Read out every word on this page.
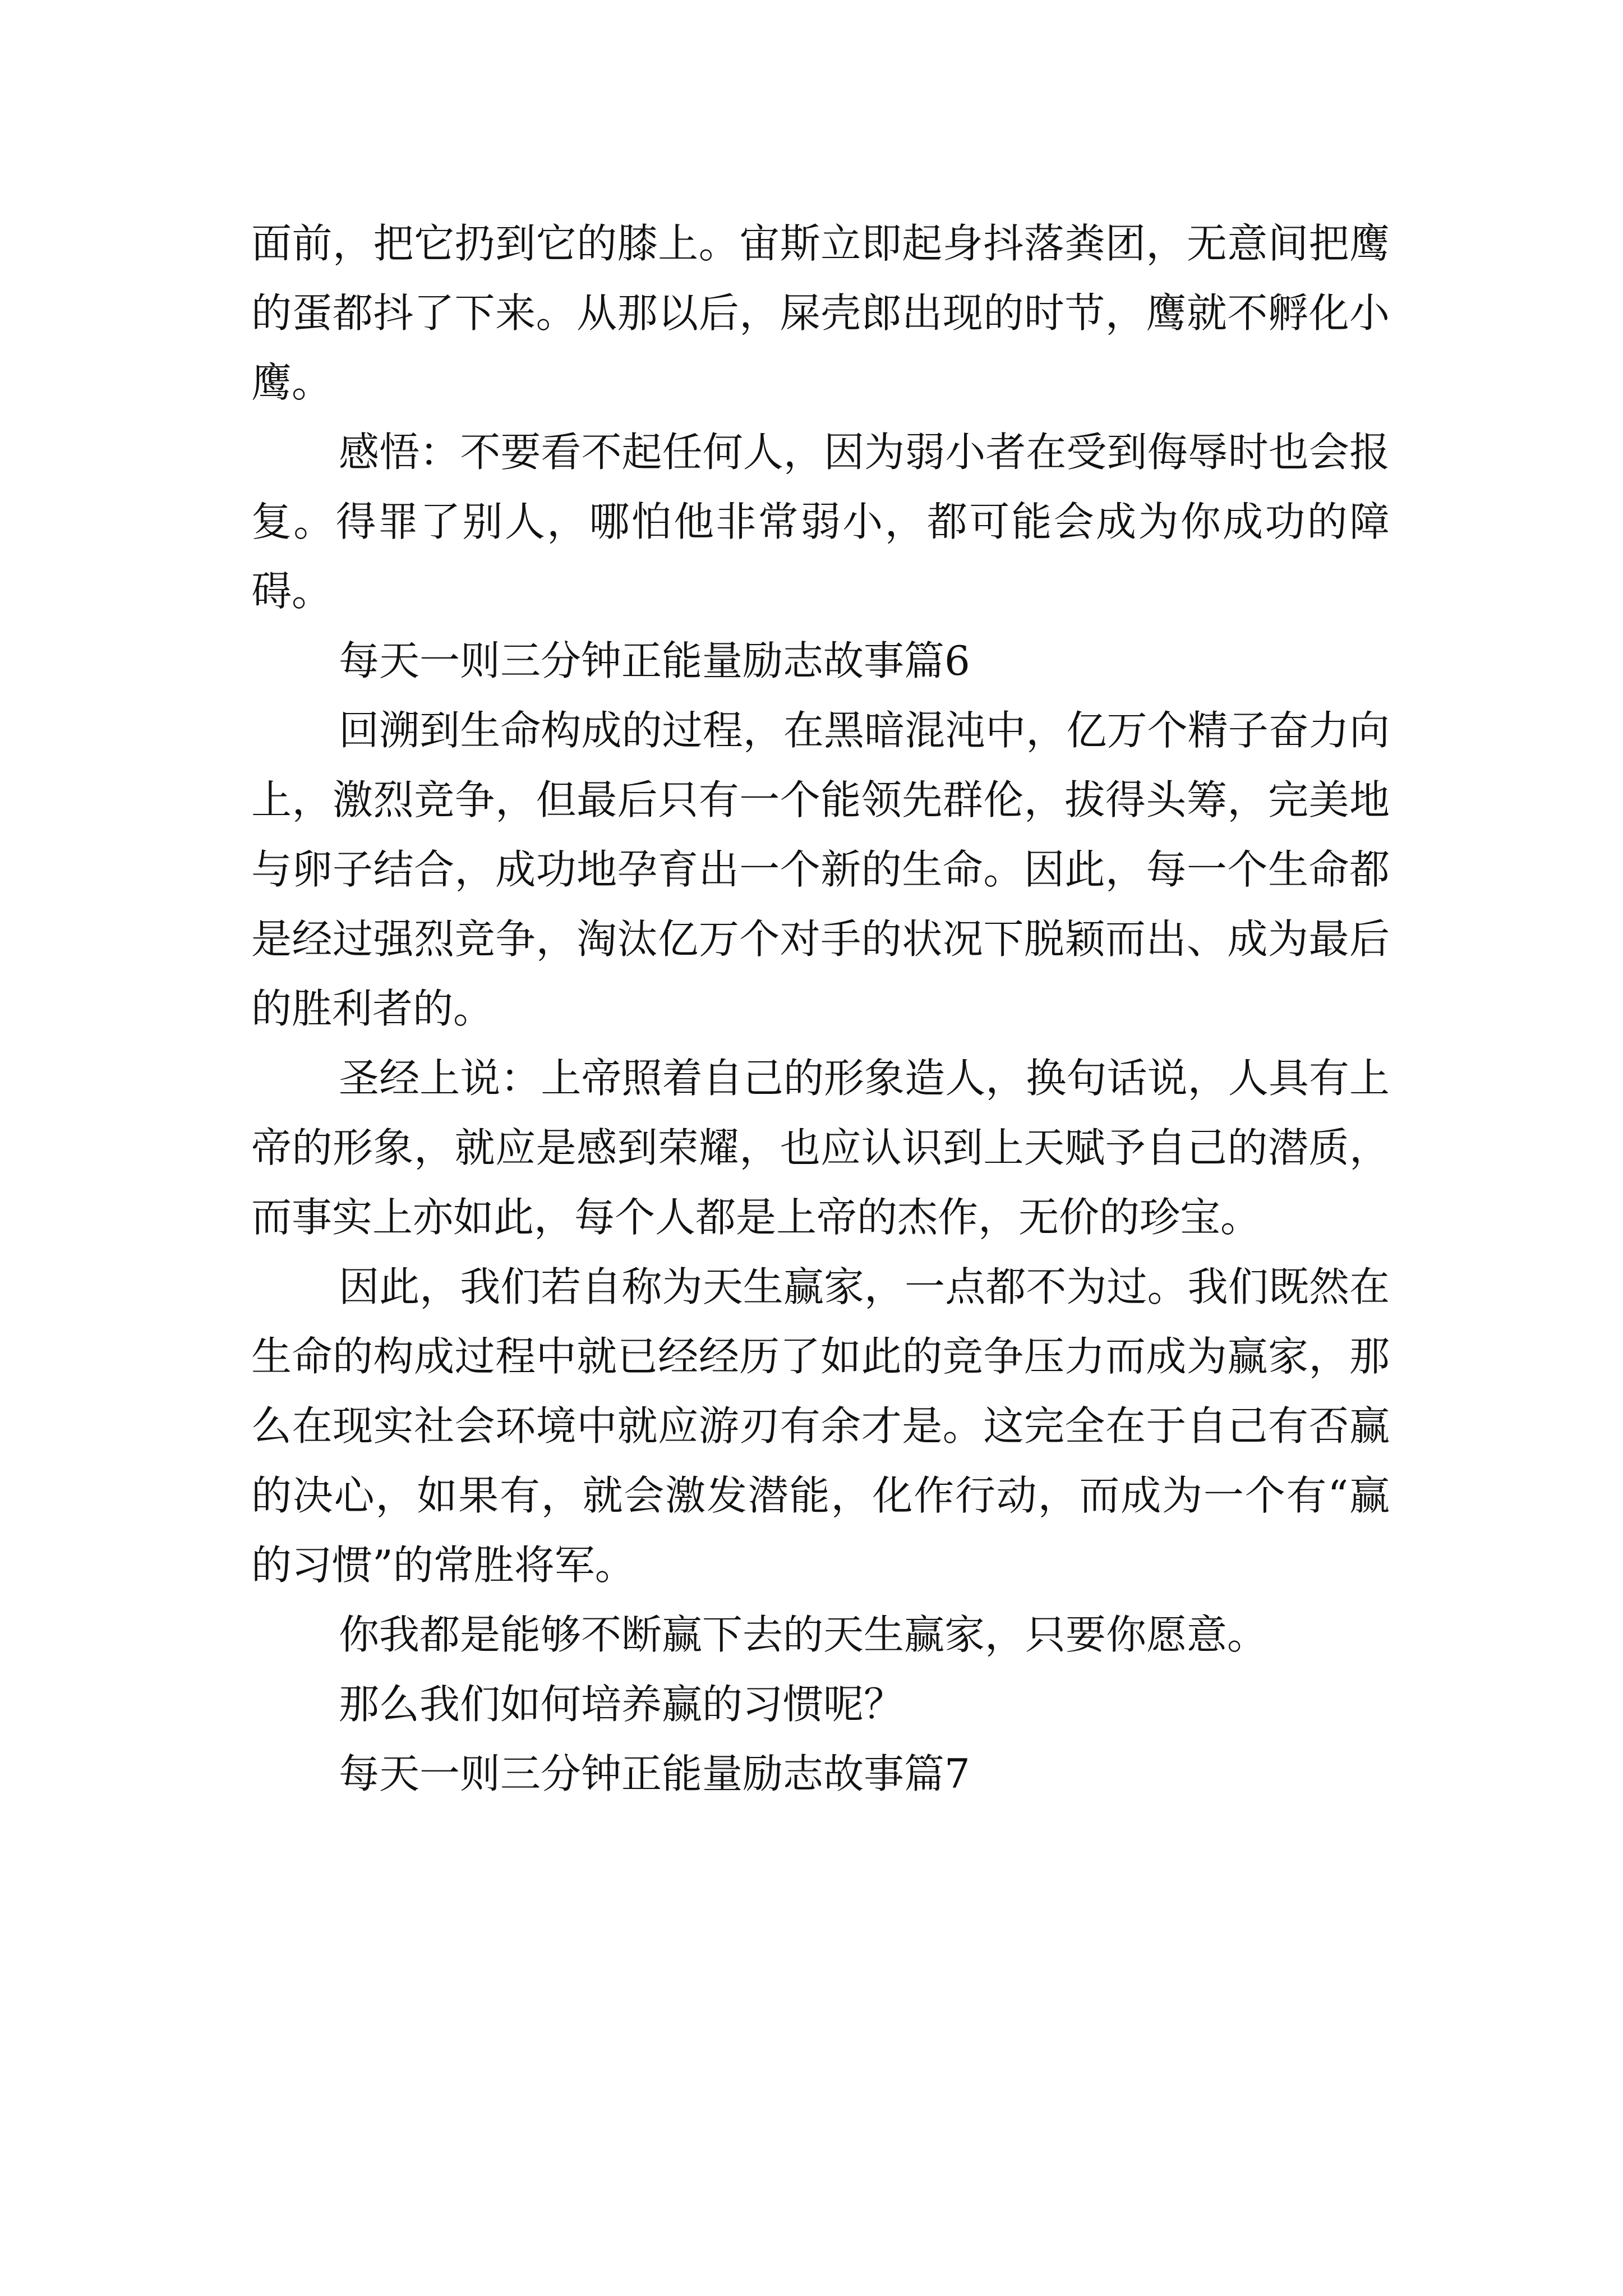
面前，把它扔到它的膝上。宙斯立即起身抖落粪团，无意间把鹰的蛋都抖了下来。从那以后，屎壳郎出现的时节，鹰就不孵化小鹰。

感悟：不要看不起任何人，因为弱小者在受到侮辱时也会报复。得罪了别人，哪怕他非常弱小，都可能会成为你成功的障碍。

每天一则三分钟正能量励志故事篇6

回溯到生命构成的过程，在黑暗混沌中，亿万个精子奋力向上，激烈竞争，但最后只有一个能领先群伦，拔得头筹，完美地与卵子结合，成功地孕育出一个新的生命。因此，每一个生命都是经过强烈竞争，淘汰亿万个对手的状况下脱颖而出、成为最后的胜利者的。

圣经上说：上帝照着自己的形象造人，换句话说，人具有上帝的形象，就应是感到荣耀，也应认识到上天赋予自己的潜质，而事实上亦如此，每个人都是上帝的杰作，无价的珍宝。

因此，我们若自称为天生赢家，一点都不为过。我们既然在生命的构成过程中就已经经历了如此的竞争压力而成为赢家，那么在现实社会环境中就应游刃有余才是。这完全在于自己有否赢的决心，如果有，就会激发潜能，化作行动，而成为一个有“赢的习惯”的常胜将军。

你我都是能够不断赢下去的天生赢家，只要你愿意。

那么我们如何培养赢的习惯呢？

每天一则三分钟正能量励志故事篇7
